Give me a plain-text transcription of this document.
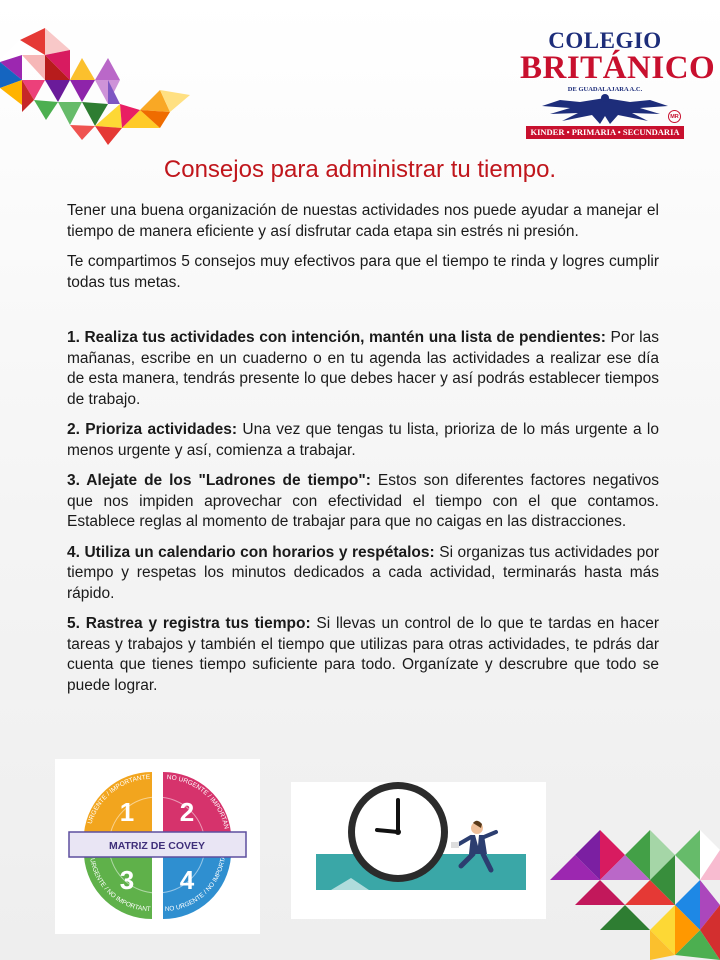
COLEGIO
BRITÁNICO
DE GUADALAJARA A.C.
MR
KINDER • PRIMARIA • SECUNDARIA
Consejos para administrar tu tiempo.

Tener una buena organización de nuestas actividades nos puede ayudar a manejar el tiempo de manera eficiente y así disfrutar cada etapa sin estrés ni presión.

Te compartimos 5 consejos muy efectivos para que el tiempo te rinda y logres cumplir todas tus metas.

1. Realiza tus actividades con intención, mantén una lista de pendientes: Por las mañanas, escribe en un cuaderno o en tu agenda las actividades a realizar ese día de esta manera, tendrás presente lo que debes hacer y así podrás establecer tiempos de trabajo.

2. Prioriza actividades: Una vez que tengas tu lista, prioriza de lo más urgente a lo menos urgente y así, comienza a trabajar.

3. Alejate de los "Ladrones de tiempo": Estos son diferentes factores negativos que nos impiden aprovechar con efectividad el tiempo con el que contamos. Establece reglas al momento de trabajar para que no caigas en las distracciones.

4. Utiliza un calendario con horarios y respétalos: Si organizas tus actividades por tiempo y respetas los minutos dedicados a cada actividad, terminarás hasta más rápido.

5. Rastrea y registra tus tiempo: Si llevas un control de lo que te tardas en hacer tareas y trabajos y también el tiempo que utilizas para otras actividades, te pdrás dar cuenta que tienes tiempo suficiente para todo. Organízate y descrubre que todo se puede lograr.

URGENTE / IMPORTANTE	NO URGENTE / IMPORTAN
URGENTE / NO IMPORTANT	NO URGENTE / NO IMPORT
1 2
3 4
MATRIZ DE COVEY
